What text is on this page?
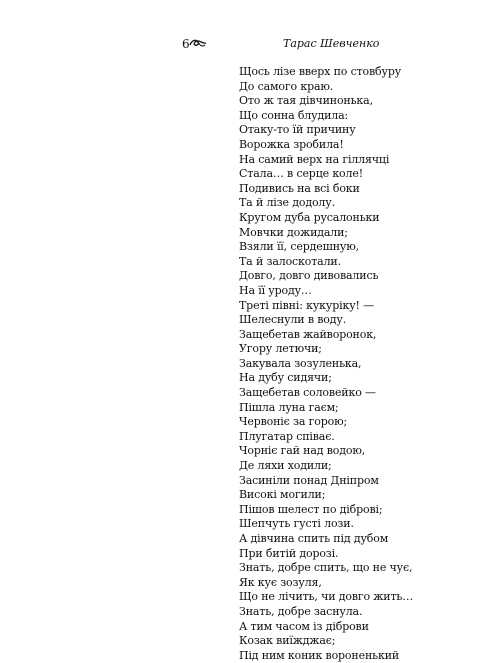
6	Тарас Шевченко
Щось лізе вверх по стовбуру
До самого краю.
Ото ж тая дівчинонька,
Що сонна блудила:
Отаку-то їй причину
Ворожка зробила!
На самий верх на гіллячці
Стала… в серце коле!
Подивись на всі боки
Та й лізе додолу.
Кругом дуба русалоньки
Мовчки дожидали;
Взяли її, сердешную,
Та й залоскотали.
Довго, довго дивовались
На її уроду…
Треті півні: кукуріку! —
Шелеснули в воду.
Защебетав жайворонок,
Угору летючи;
Закувала зозуленька,
На дубу сидячи;
Защебетав соловейко —
Пішла луна гаєм;
Червоніє за горою;
Плугатар співає.
Чорніє гай над водою,
Де ляхи ходили;
Засиніли понад Дніпром
Високі могили;
Пішов шелест по діброві;
Шепчуть густі лози.
А дівчина спить під дубом
При битій дорозі.
Знать, добре спить, що не чує,
Як кує зозуля,
Що не лічить, чи довго жить…
Знать, добре заснула.
А тим часом із діброви
Козак виїжджає;
Під ним коник вороненький
